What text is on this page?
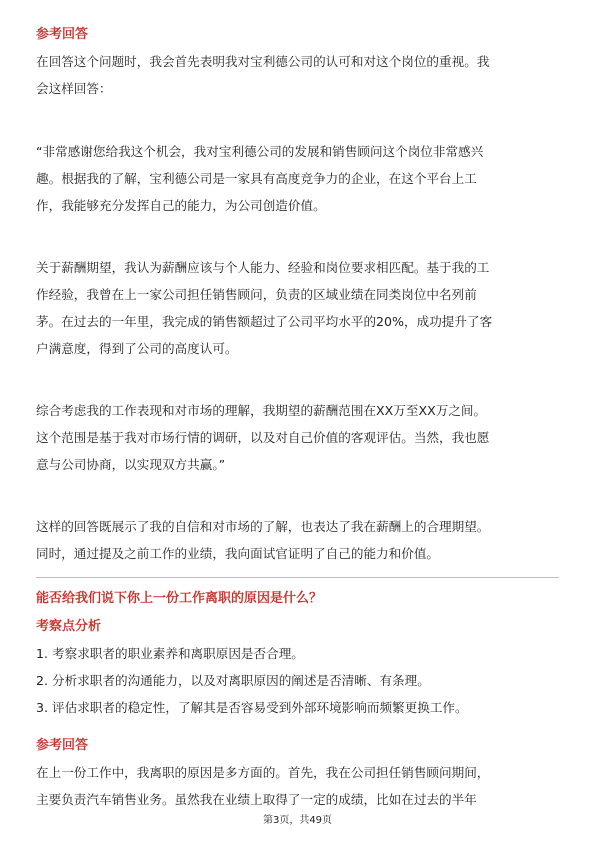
参考回答
在回答这个问题时，我会首先表明我对宝利德公司的认可和对这个岗位的重视。我
会这样回答：
“非常感谢您给我这个机会，我对宝利德公司的发展和销售顾问这个岗位非常感兴
趣。根据我的了解，宝利德公司是一家具有高度竞争力的企业，在这个平台上工
作，我能够充分发挥自己的能力，为公司创造价值。
关于薪酬期望，我认为薪酬应该与个人能力、经验和岗位要求相匹配。基于我的工
作经验，我曾在上一家公司担任销售顾问，负责的区域业绩在同类岗位中名列前
茅。在过去的一年里，我完成的销售额超过了公司平均水平的20%，成功提升了客
户满意度，得到了公司的高度认可。
综合考虑我的工作表现和对市场的理解，我期望的薪酬范围在XX万至XX万之间。
这个范围是基于我对市场行情的调研，以及对自己价值的客观评估。当然，我也愿
意与公司协商，以实现双方共赢。”
这样的回答既展示了我的自信和对市场的了解，也表达了我在薪酬上的合理期望。
同时，通过提及之前工作的业绩，我向面试官证明了自己的能力和价值。
能否给我们说下你上一份工作离职的原因是什么？
考察点分析
1. 考察求职者的职业素养和离职原因是否合理。
2. 分析求职者的沟通能力，以及对离职原因的阐述是否清晰、有条理。
3. 评估求职者的稳定性，了解其是否容易受到外部环境影响而频繁更换工作。
参考回答
在上一份工作中，我离职的原因是多方面的。首先，我在公司担任销售顾问期间，
主要负责汽车销售业务。虽然我在业绩上取得了一定的成绩，比如在过去的半年
第3页，共49页
